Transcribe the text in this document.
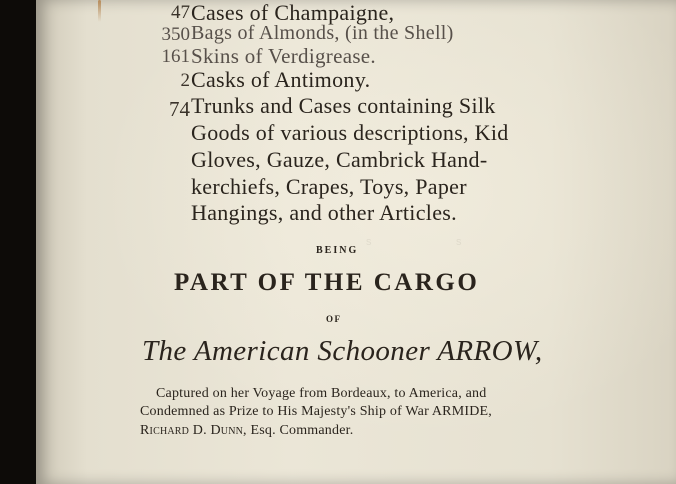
s	s
47 Cases of Champaigne,
350 Bags of Almonds, (in the Shell)
161 Skins of Verdigrease.
2 Casks of Antimony.
74 Trunks and Cases containing Silk
Goods of various descriptions, Kid
Gloves, Gauze, Cambrick Hand-
kerchiefs, Crapes, Toys, Paper
Hangings, and other Articles.
BEING
PART OF THE CARGO
OF
The American Schooner ARROW,
Captured on her Voyage from Bordeaux, to America, and
Condemned as Prize to His Majesty's Ship of War ARMIDE,
Richard D. Dunn, Esq. Commander.
